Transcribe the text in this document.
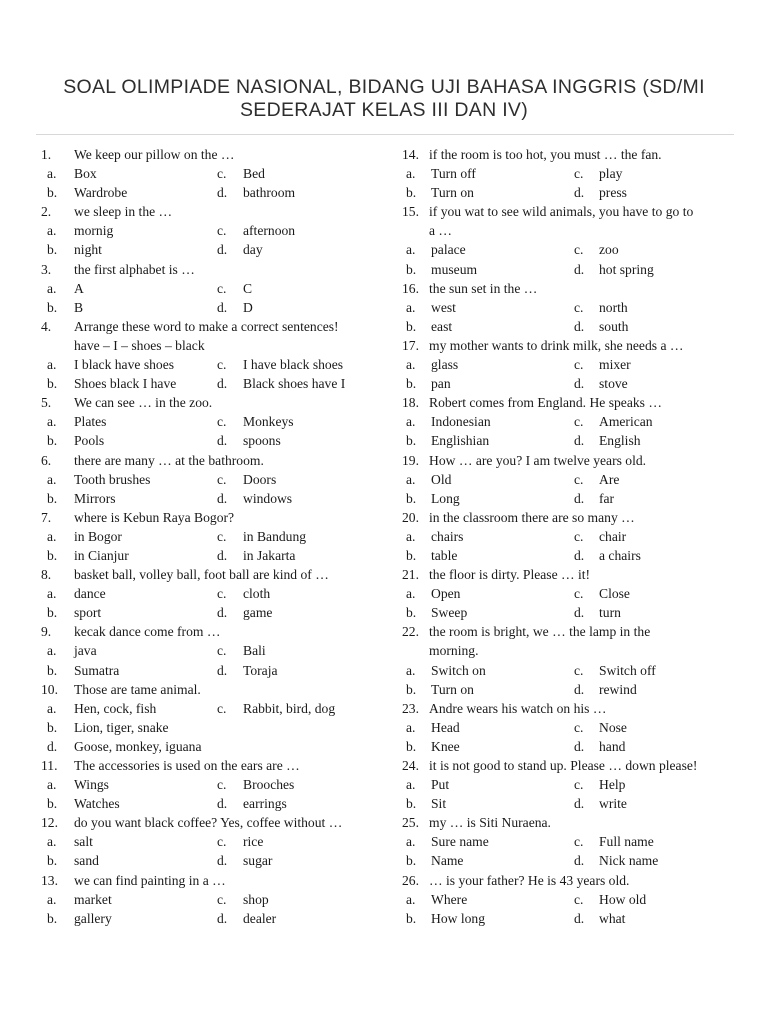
SOAL OLIMPIADE NASIONAL, BIDANG UJI BAHASA INGGRIS (SD/MI
SEDERAJAT KELAS III DAN IV)
1. We keep our pillow on the …
a. Box	c. Bed
b. Wardrobe	d. bathroom
2. we sleep in the …
a. mornig	c. afternoon
b. night	d. day
3. the first alphabet is …
a. A	c. C
b. B	d. D
4. Arrange these word to make a correct sentences!
have – I – shoes – black
a. I black have shoes	c. I have black shoes
b. Shoes black I have	d. Black shoes have I
5. We can see … in the zoo.
a. Plates	c. Monkeys
b. Pools	d. spoons
6. there are many … at the bathroom.
a. Tooth brushes	c. Doors
b. Mirrors	d. windows
7. where is Kebun Raya Bogor?
a. in Bogor	c. in Bandung
b. in Cianjur	d. in Jakarta
8. basket ball, volley ball, foot ball are kind of …
a. dance	c. cloth
b. sport	d. game
9. kecak dance come from …
a. java	c. Bali
b. Sumatra	d. Toraja
10. Those are tame animal.
a. Hen, cock, fish	c. Rabbit, bird, dog
b. Lion, tiger, snake
d. Goose, monkey, iguana
11. The accessories is used on the ears are …
a. Wings	c. Brooches
b. Watches	d. earrings
12. do you want black coffee? Yes, coffee without …
a. salt	c. rice
b. sand	d. sugar
13. we can find painting in a …
a. market	c. shop
b. gallery	d. dealer
14. if the room is too hot, you must … the fan.
a. Turn off	c. play
b. Turn on	d. press
15. if you wat to see wild animals, you have to go to
a …
a. palace	c. zoo
b. museum	d. hot spring
16. the sun set in the …
a. west	c. north
b. east	d. south
17. my mother wants to drink milk, she needs a …
a. glass	c. mixer
b. pan	d. stove
18. Robert comes from England. He speaks …
a. Indonesian	c. American
b. Englishian	d. English
19. How … are you? I am twelve years old.
a. Old	c. Are
b. Long	d. far
20. in the classroom there are so many …
a. chairs	c. chair
b. table	d. a chairs
21. the floor is dirty. Please … it!
a. Open	c. Close
b. Sweep	d. turn
22. the room is bright, we … the lamp in the
morning.
a. Switch on	c. Switch off
b. Turn on	d. rewind
23. Andre wears his watch on his …
a. Head	c. Nose
b. Knee	d. hand
24. it is not good to stand up. Please … down please!
a. Put	c. Help
b. Sit	d. write
25. my … is Siti Nuraena.
a. Sure name	c. Full name
b. Name	d. Nick name
26. … is your father? He is 43 years old.
a. Where	c. How old
b. How long	d. what
